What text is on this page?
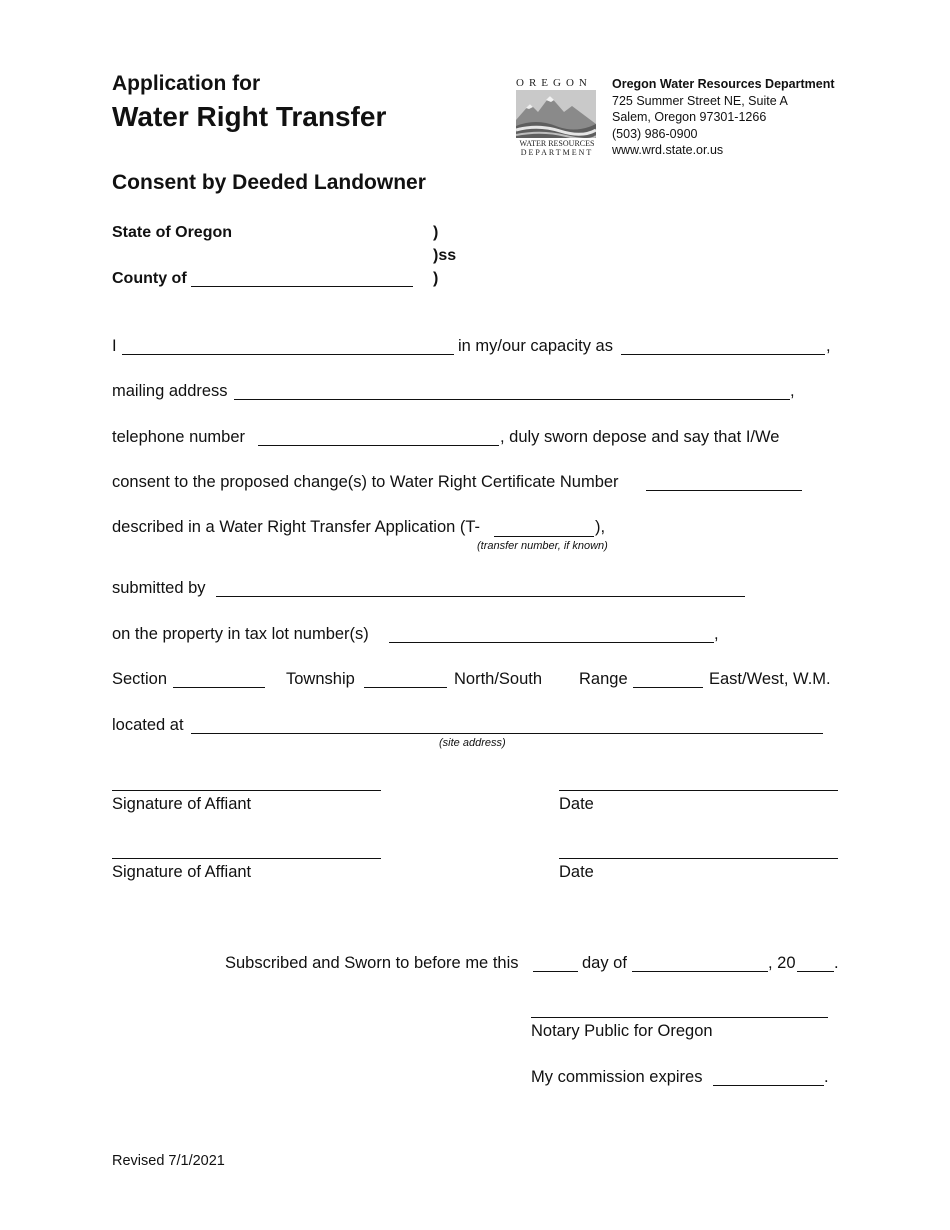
Application for
Water Right Transfer
Consent by Deeded Landowner
OREGON
WATER RESOURCES
DEPARTMENT
Oregon Water Resources Department
725 Summer Street NE, Suite A
Salem, Oregon 97301-1266
(503) 986-0900
www.wrd.state.or.us
State of Oregon
County of
)
)ss
)
I	in my/our capacity as	,
mailing address	,
telephone number	, duly sworn depose and say that I/We
consent to the proposed change(s) to Water Right Certificate Number
described in a Water Right Transfer Application (T-	),
(transfer number, if known)
submitted by
on the property in tax lot number(s)	,
Section	Township	North/South Range	East/West, W.M.
located at
(site address)
Signature of Affiant	Date
Signature of Affiant	Date
Subscribed and Sworn to before me this	day of	, 20 .
Notary Public for Oregon
My commission expires	.
Revised 7/1/2021
